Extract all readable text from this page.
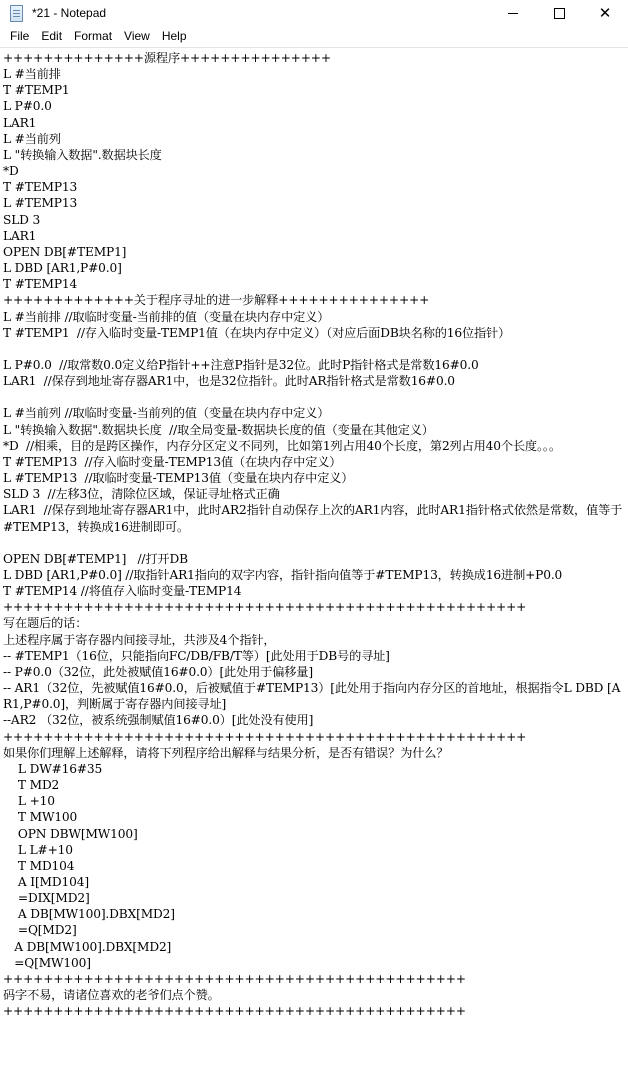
*21 - Notepad	✕
File	Edit	Format	View	Help
++++++++++++++源程序+++++++++++++++
L #当前排
T #TEMP1
L P#0.0
LAR1
L #当前列
L "转换输入数据".数据块长度
*D
T #TEMP13
L #TEMP13
SLD 3
LAR1
OPEN DB[#TEMP1]
L DBD [AR1,P#0.0]
T #TEMP14
+++++++++++++关于程序寻址的进一步解释+++++++++++++++
L #当前排 //取临时变量-当前排的值（变量在块内存中定义）
T #TEMP1  //存入临时变量-TEMP1值（在块内存中定义）（对应后面DB块名称的16位指针）

L P#0.0  //取常数0.0定义给P指针++注意P指针是32位。此时P指针格式是常数16#0.0
LAR1  //保存到地址寄存器AR1中，也是32位指针。此时AR指针格式是常数16#0.0

L #当前列 //取临时变量-当前列的值（变量在块内存中定义）
L "转换输入数据".数据块长度  //取全局变量-数据块长度的值（变量在其他定义）
*D  //相乘，目的是跨区操作，内存分区定义不同列，比如第1列占用40个长度，第2列占用40个长度。。。
T #TEMP13  //存入临时变量-TEMP13值（在块内存中定义）
L #TEMP13  //取临时变量-TEMP13值（变量在块内存中定义）
SLD 3  //左移3位，清除位区域，保证寻址格式正确
LAR1  //保存到地址寄存器AR1中，此时AR2指针自动保存上次的AR1内容，此时AR1指针格式依然是常数，值等于#TEMP13，转换成16进制即可。

OPEN DB[#TEMP1]   //打开DB
L DBD [AR1,P#0.0] //取指针AR1指向的双字内容，指针指向值等于#TEMP13，转换成16进制+P0.0
T #TEMP14 //将值存入临时变量-TEMP14
++++++++++++++++++++++++++++++++++++++++++++++++++++
写在题后的话：
上述程序属于寄存器内间接寻址，共涉及4个指针，
-- #TEMP1（16位，只能指向FC/DB/FB/T等）[此处用于DB号的寻址]
-- P#0.0（32位，此处被赋值16#0.0）[此处用于偏移量]
-- AR1（32位，先被赋值16#0.0，后被赋值于#TEMP13）[此处用于指向内存分区的首地址，根据指令L DBD [AR1,P#0.0]，判断属于寄存器内间接寻址]
--AR2 （32位，被系统强制赋值16#0.0）[此处没有使用]
++++++++++++++++++++++++++++++++++++++++++++++++++++
如果你们理解上述解释，请将下列程序给出解释与结果分析，是否有错误？为什么？
L DW#16#35
T MD2
L +10
T MW100
OPN DBW[MW100]
L L#+10
T MD104
A I[MD104]
=DIX[MD2]
A DB[MW100].DBX[MD2]
=Q[MD2]
A DB[MW100].DBX[MD2]
=Q[MW100]
++++++++++++++++++++++++++++++++++++++++++++++
码字不易，请诸位喜欢的老爷们点个赞。
++++++++++++++++++++++++++++++++++++++++++++++
